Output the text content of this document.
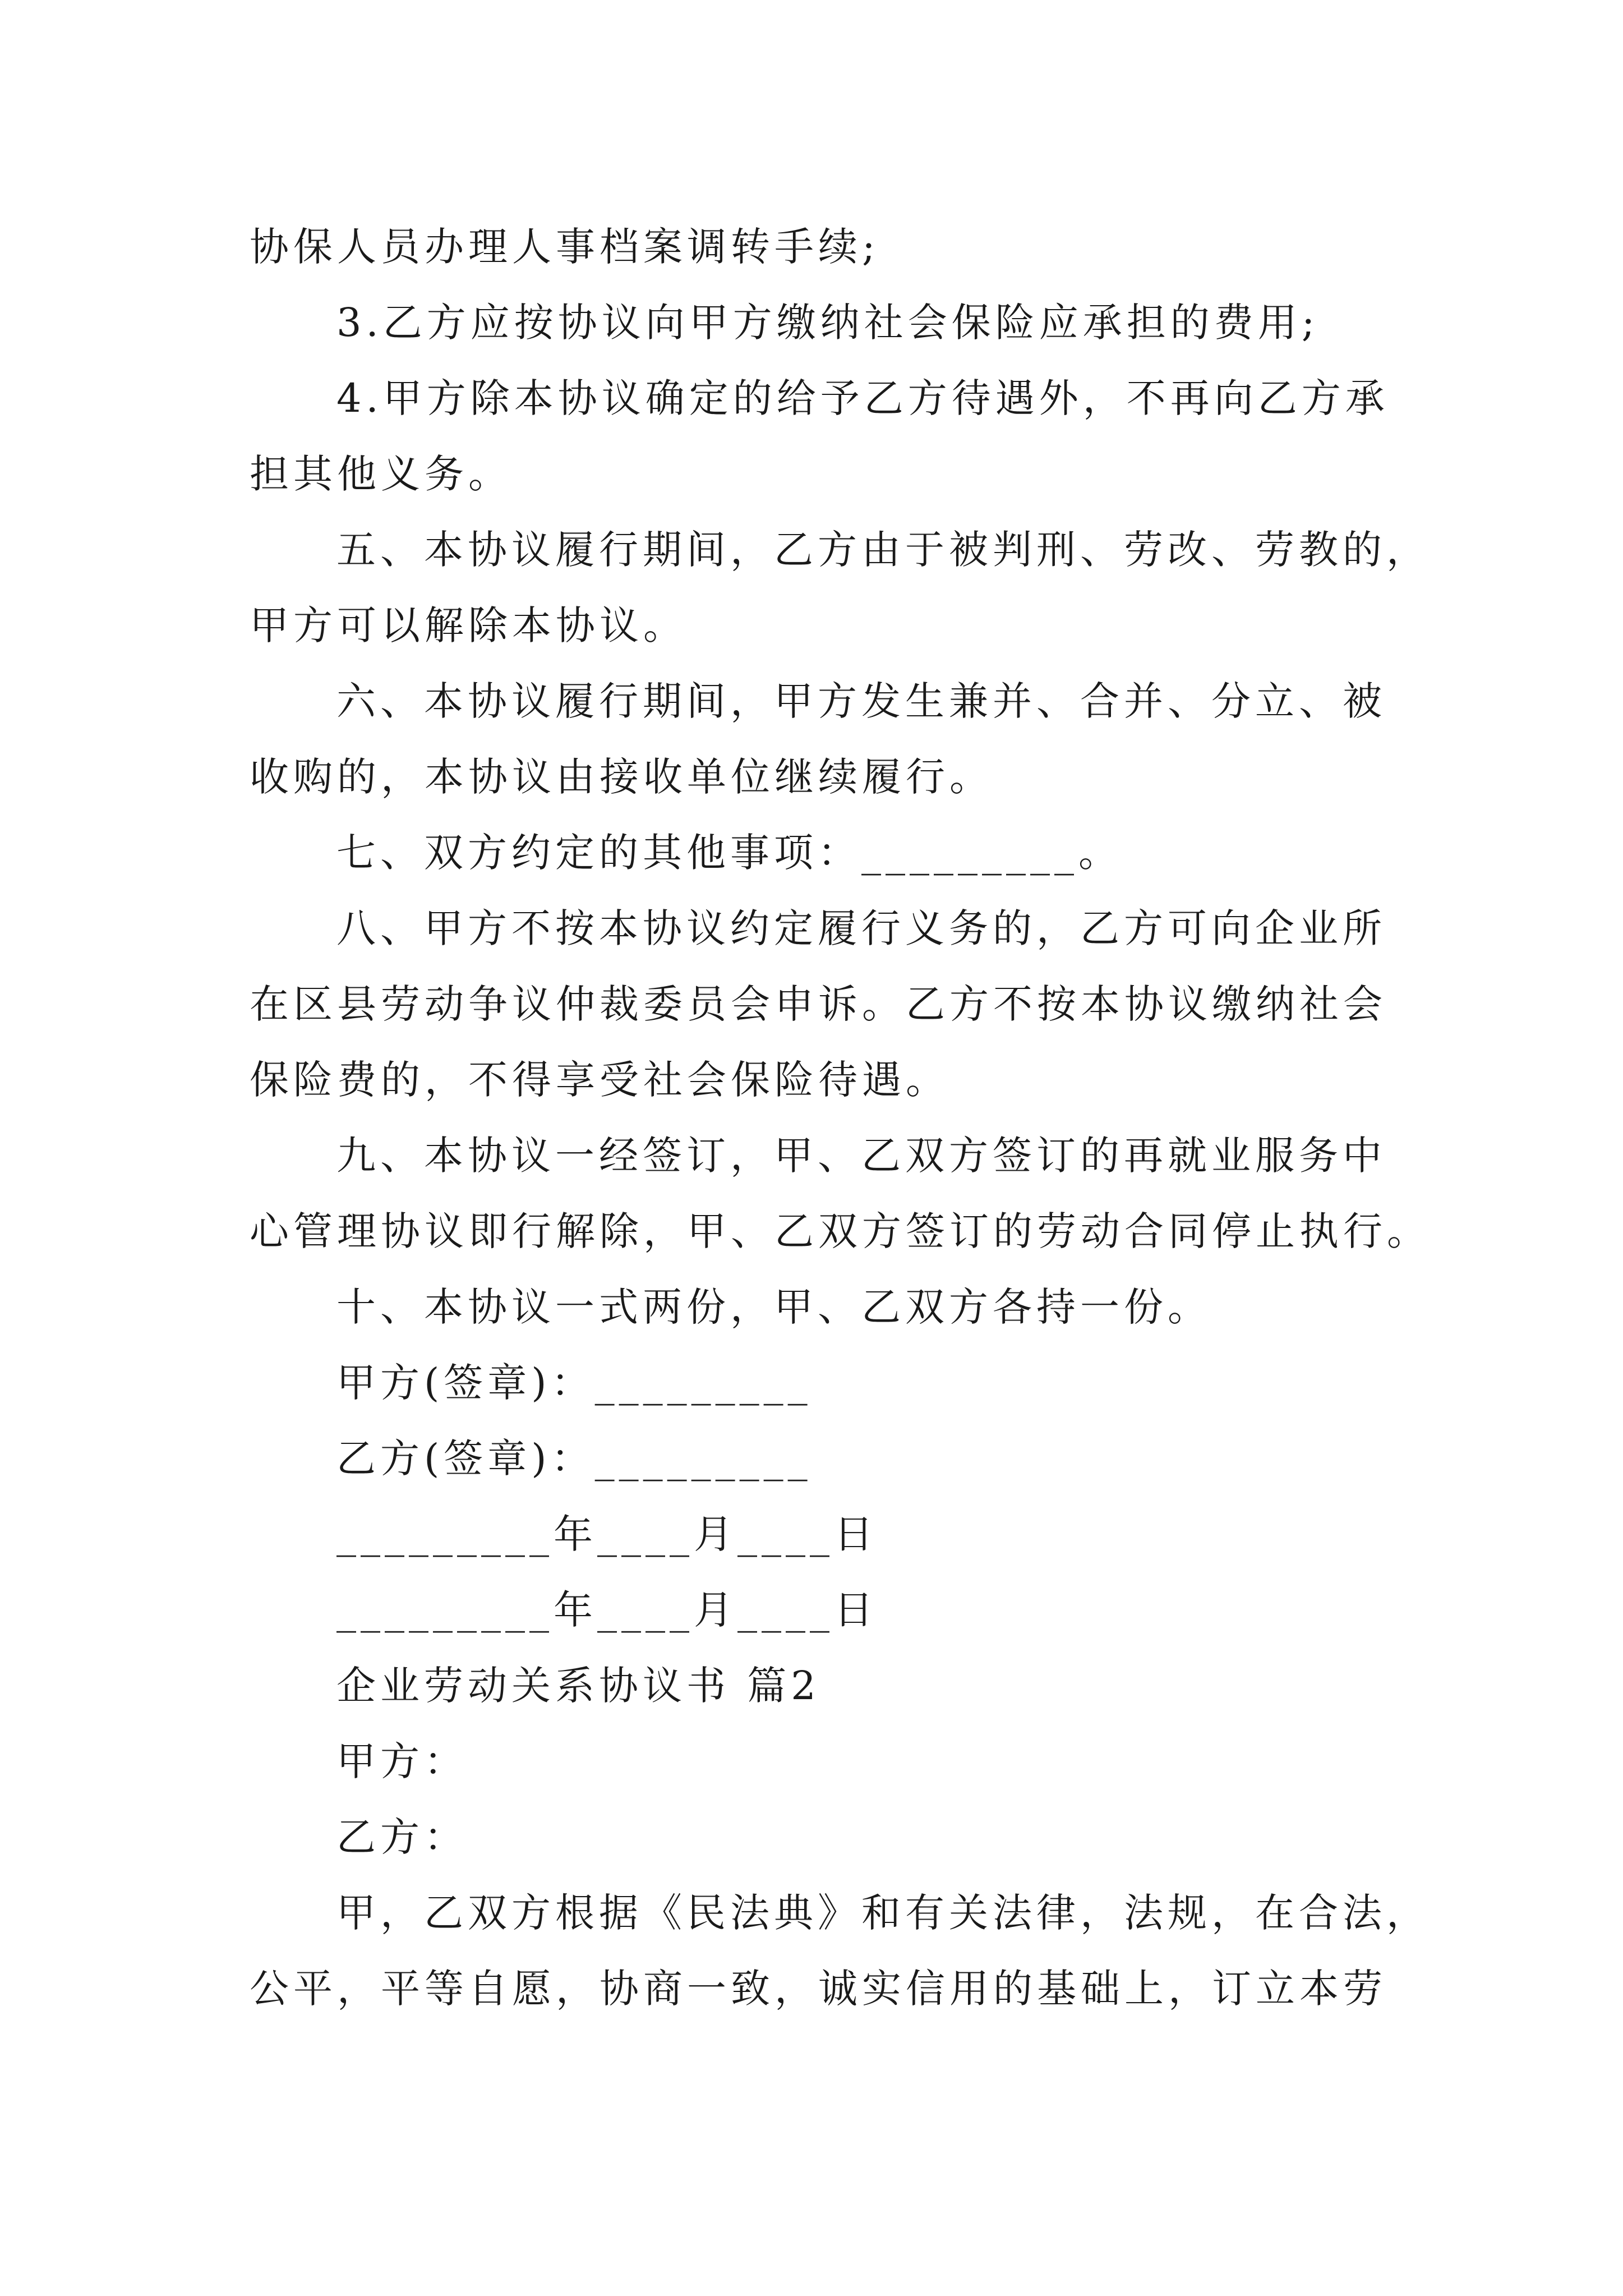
协保人员办理人事档案调转手续;
3.乙方应按协议向甲方缴纳社会保险应承担的费用;
4.甲方除本协议确定的给予乙方待遇外，不再向乙方承
担其他义务。
五、本协议履行期间，乙方由于被判刑、劳改、劳教的，
甲方可以解除本协议。
六、本协议履行期间，甲方发生兼并、合并、分立、被
收购的，本协议由接收单位继续履行。
七、双方约定的其他事项：_________。
八、甲方不按本协议约定履行义务的，乙方可向企业所
在区县劳动争议仲裁委员会申诉。乙方不按本协议缴纳社会
保险费的，不得享受社会保险待遇。
九、本协议一经签订，甲、乙双方签订的再就业服务中
心管理协议即行解除，甲、乙双方签订的劳动合同停止执行。
十、本协议一式两份，甲、乙双方各持一份。
甲方(签章)：_________
乙方(签章)：_________
_________年____月____日
_________年____月____日
企业劳动关系协议书 篇2
甲方：
乙方：
甲，乙双方根据《民法典》和有关法律，法规，在合法，
公平，平等自愿，协商一致，诚实信用的基础上，订立本劳
